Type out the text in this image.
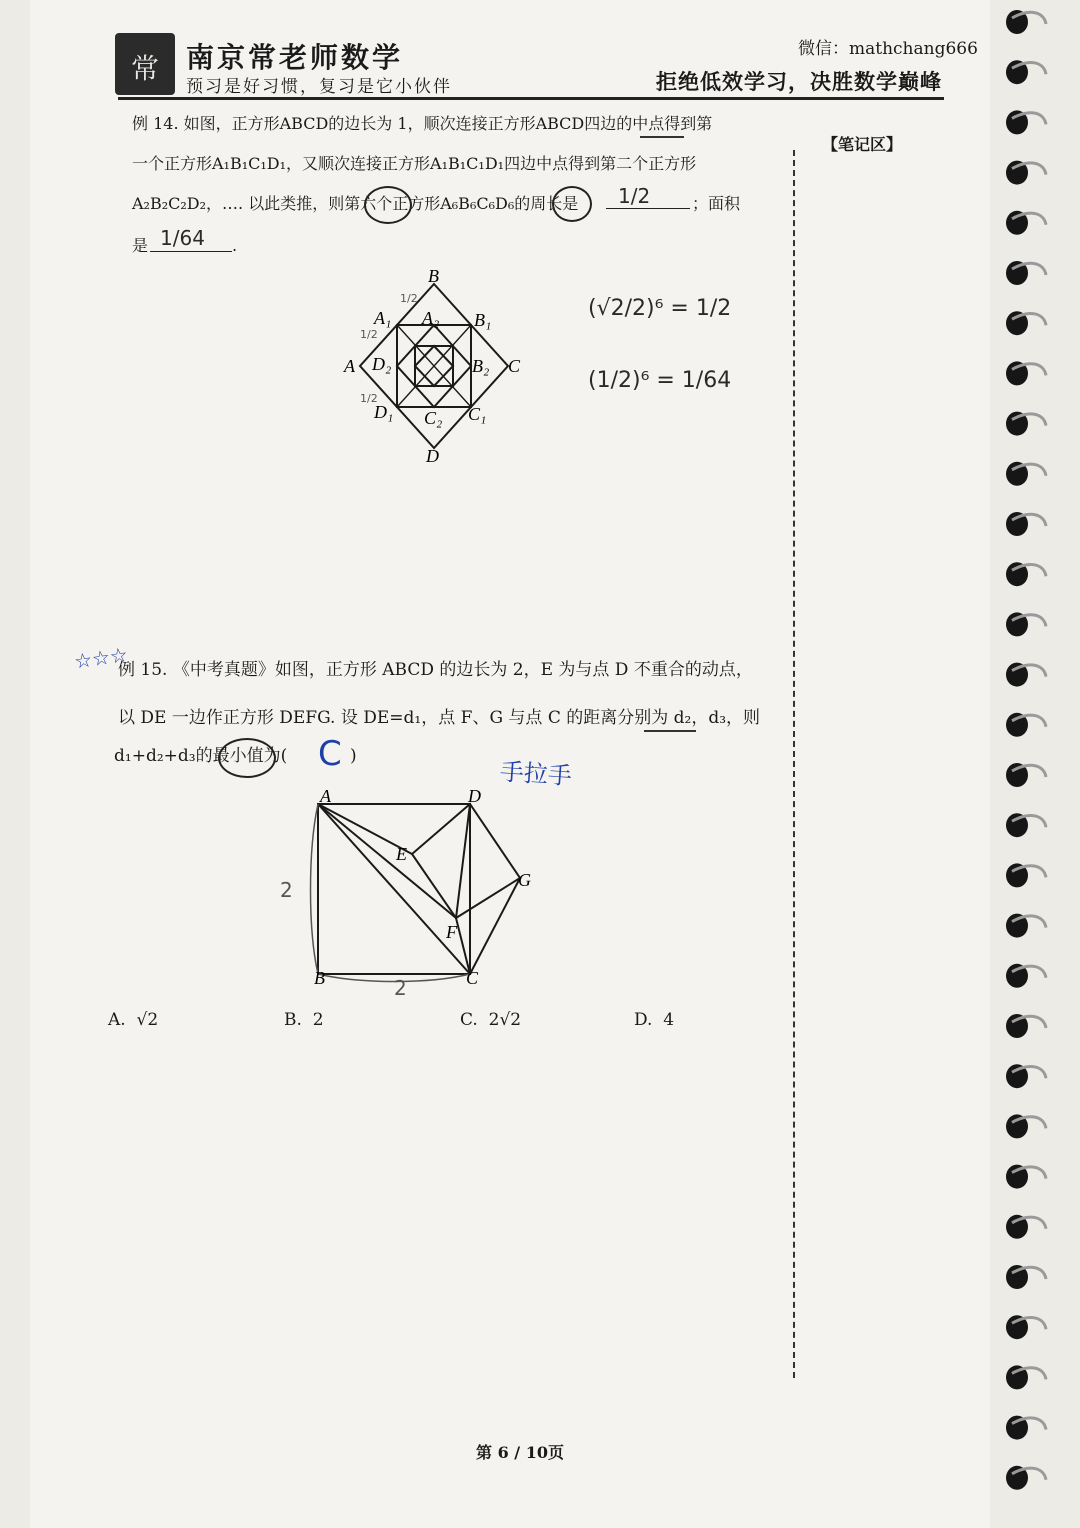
常 南京常老师数学
预习是好习惯，复习是它小伙伴
微信：mathchang666
拒绝低效学习，决胜数学巅峰
【笔记区】
例 14. 如图，正方形ABCD的边长为 1，顺次连接正方形ABCD四边的中点得到第
一个正方形A₁B₁C₁D₁，又顺次连接正方形A₁B₁C₁D₁四边中点得到第二个正方形
A₂B₂C₂D₂，…. 以此类推，则第六个正方形A₆B₆C₆D₆的周长是	；面积
是	.
1/2
1/64
B
A₁ A₂ B₁
A D₂	B₂ C
D₁ C₂ C₁
D
1/2
1/2
1/2
(√2/2)⁶ = 1/2
(1/2)⁶ = 1/64
☆☆☆
例 15. 《中考真题》如图，正方形 ABCD 的边长为 2，E 为与点 D 不重合的动点，
以 DE 一边作正方形 DEFG. 设 DE=d₁，点 F、G 与点 C 的距离分别为 d₂，d₃，则
d₁+d₂+d₃的最小值为( C )
手拉手
A	D
E
G
F
B	C
2
2
A. √2	B. 2	C. 2√2	D. 4
第 6 / 10页
